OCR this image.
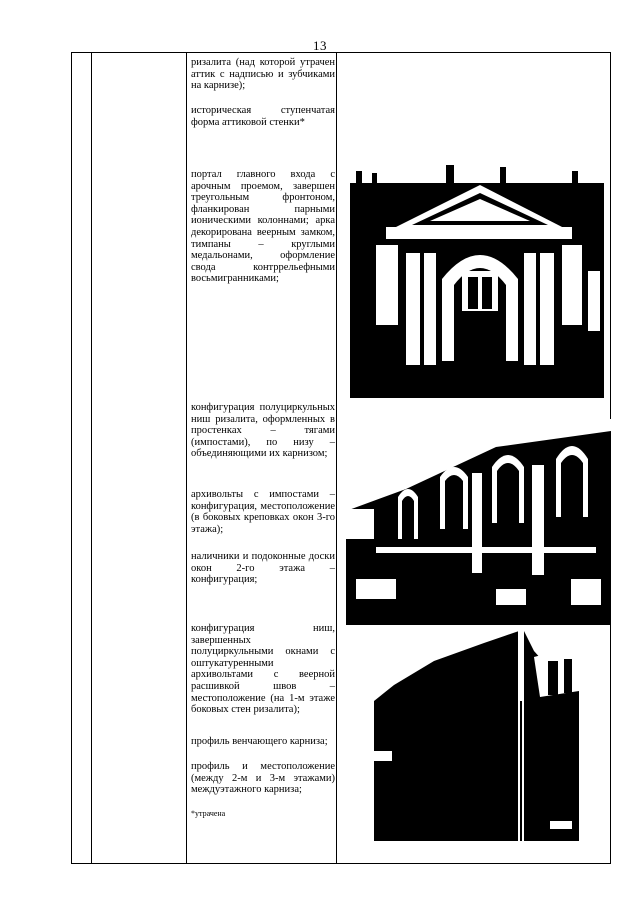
13

ризалита (над которой утрачен аттик с надписью и зубчиками на карнизе);

историческая ступенчатая форма аттиковой стенки*

портал главного входа с арочным проемом, завершен треугольным фронтоном, фланкирован парными ионическими колоннами; арка декорирована веерным замком, тимпаны – круглыми медальонами, оформление свода контррельефными восьмигранниками;

конфигурация полуциркульных ниш ризалита, оформленных в простенках – тягами (импостами), по низу – объединяющими их карнизом;

архивольты с импостами – конфигурация, местоположение (в боковых креповках окон 3-го этажа);

наличники и подоконные доски окон 2-го этажа – конфигурация;

конфигурация ниш, завершенных полуциркульными окнами с оштукатуренными архивольтами с веерной расшивкой швов – местоположение (на 1-м этаже боковых стен ризалита);

профиль венчающего карниза;

профиль и местоположение (между 2-м и 3-м этажами) междуэтажного карниза;

*утрачена
